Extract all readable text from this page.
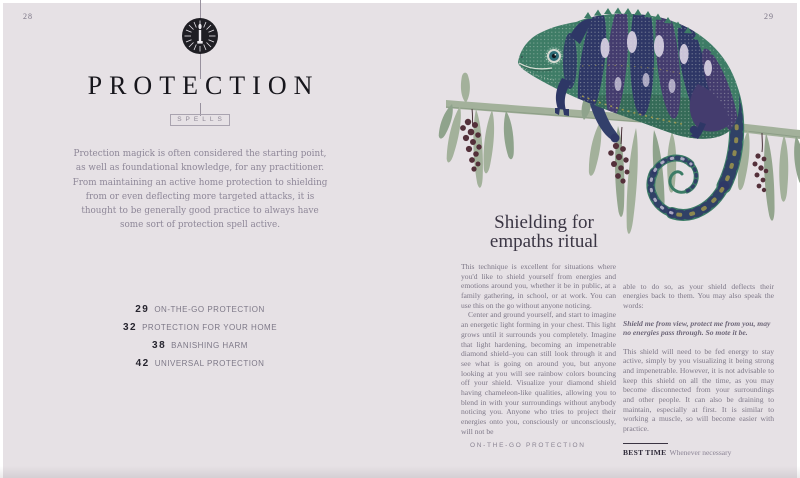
28
PROTECTION
SPELLS
Protection magick is often considered the starting point, as well as foundational knowledge, for any practitioner. From maintaining an active home protection to shielding from or even deflecting more targeted attacks, it is thought to be generally good practice to always have some sort of protection spell active.
29 ON-THE-GO PROTECTION
32 PROTECTION FOR YOUR HOME
38 BANISHING HARM
42 UNIVERSAL PROTECTION
29
Shielding for
empaths ritual

This technique is excellent for situations where you'd like to shield yourself from energies and emotions around you, whether it be in public, at a family gathering, in school, or at work. You can use this on the go without anyone noticing.

Center and ground yourself, and start to imagine an energetic light forming in your chest. This light grows until it surrounds you completely. Imagine that light hardening, becoming an impenetrable diamond shield–you can still look through it and see what is going on around you, but anyone looking at you will see rainbow colors bouncing off your shield. Visualize your diamond shield having chameleon-like qualities, allowing you to blend in with your surroundings without anybody noticing you. Anyone who tries to project their energies onto you, consciously or unconsciously, will not be

able to do so, as your shield deflects their energies back to them. You may also speak the words:

Shield me from view, protect me from you, may no energies pass through. So mote it be.

This shield will need to be fed energy to stay active, simply by you visualizing it being strong and impenetrable. However, it is not advisable to keep this shield on all the time, as you may become disconnected from your surroundings and other people. It can also be draining to maintain, especially at first. It is similar to working a muscle, so will become easier with practice.

BEST TIME Whenever necessary
ON-THE-GO PROTECTION
